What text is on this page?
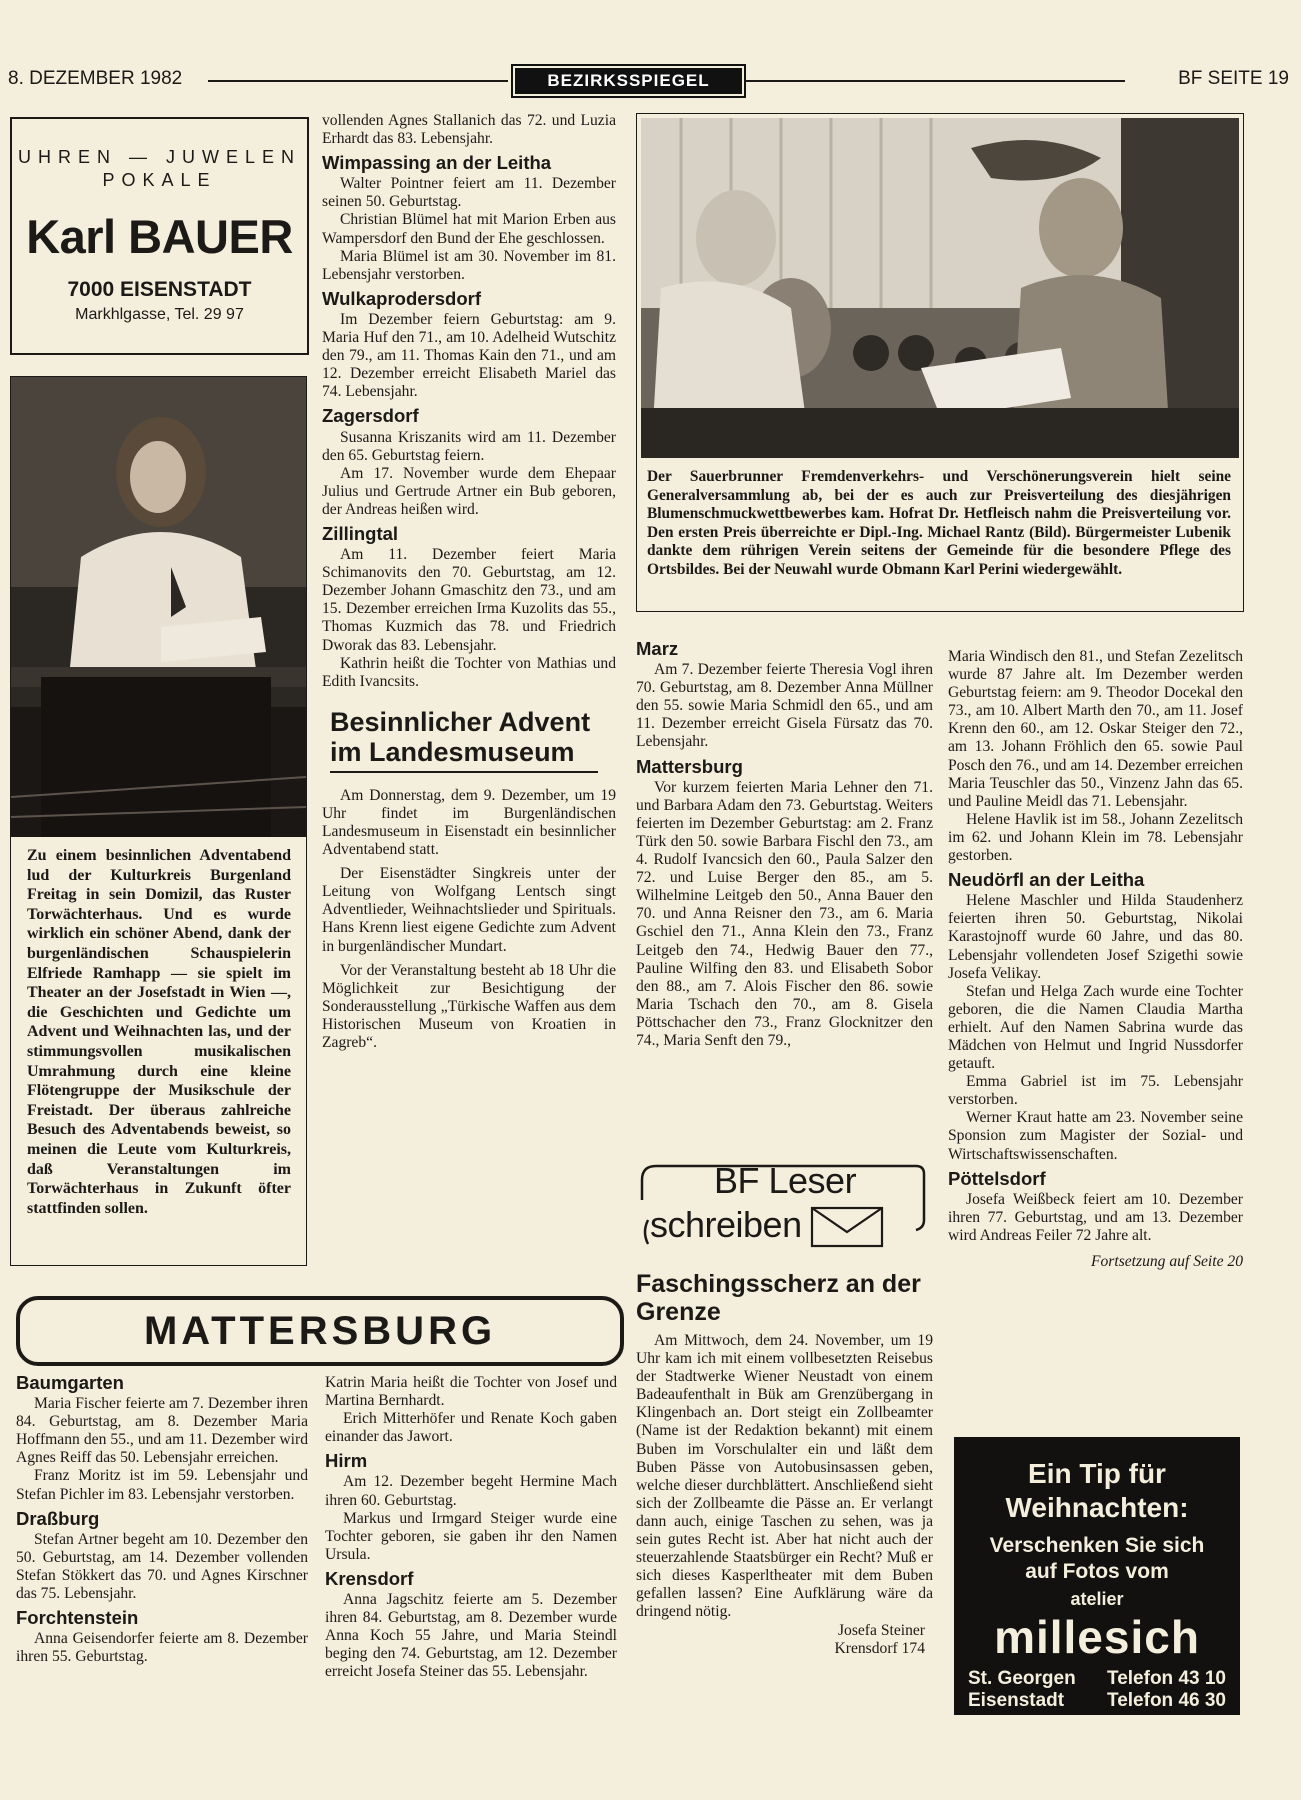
8. DEZEMBER 1982	BEZIRKSSPIEGEL	BF SEITE 19
UHREN — JUWELEN
POKALE
Karl BAUER
7000 EISENSTADT
Markhlgasse, Tel. 29 97
Zu einem besinnlichen Adventabend lud der Kulturkreis Burgenland Freitag in sein Domizil, das Ruster Torwächterhaus. Und es wurde wirklich ein schöner Abend, dank der burgenländischen Schauspielerin Elfriede Ramhapp — sie spielt im Theater an der Josefstadt in Wien —, die Geschichten und Gedichte um Advent und Weihnachten las, und der stimmungsvollen musikalischen Umrahmung durch eine kleine Flötengruppe der Musikschule der Freistadt. Der überaus zahlreiche Besuch des Adventabends beweist, so meinen die Leute vom Kulturkreis, daß Veranstaltungen im Torwächterhaus in Zukunft öfter stattfinden sollen.

vollenden Agnes Stallanich das 72. und Luzia Erhardt das 83. Lebensjahr.

Wimpassing an der Leitha

Walter Pointner feiert am 11. Dezember seinen 50. Geburtstag.

Christian Blümel hat mit Marion Erben aus Wampersdorf den Bund der Ehe geschlossen.

Maria Blümel ist am 30. November im 81. Lebensjahr verstorben.

Wulkaprodersdorf

Im Dezember feiern Geburtstag: am 9. Maria Huf den 71., am 10. Adelheid Wutschitz den 79., am 11. Thomas Kain den 71., und am 12. Dezember erreicht Elisabeth Mariel das 74. Lebensjahr.

Zagersdorf

Susanna Kriszanits wird am 11. Dezember den 65. Geburtstag feiern.

Am 17. November wurde dem Ehepaar Julius und Gertrude Artner ein Bub geboren, der Andreas heißen wird.

Zillingtal

Am 11. Dezember feiert Maria Schimanovits den 70. Geburtstag, am 12. Dezember Johann Gmaschitz den 73., und am 15. Dezember erreichen Irma Kuzolits das 55., Thomas Kuzmich das 78. und Friedrich Dworak das 83. Lebensjahr.

Kathrin heißt die Tochter von Mathias und Edith Ivancsits.

Besinnlicher Advent im Landesmuseum

Am Donnerstag, dem 9. Dezember, um 19 Uhr findet im Burgenländischen Landesmuseum in Eisenstadt ein besinnlicher Adventabend statt.

Der Eisenstädter Singkreis unter der Leitung von Wolfgang Lentsch singt Adventlieder, Weihnachtslieder und Spirituals. Hans Krenn liest eigene Gedichte zum Advent in burgenländischer Mundart.

Vor der Veranstaltung besteht ab 18 Uhr die Möglichkeit zur Besichtigung der Sonderausstellung „Türkische Waffen aus dem Historischen Museum von Kroatien in Zagreb“.

Der Sauerbrunner Fremdenverkehrs- und Verschönerungsverein hielt seine Generalversammlung ab, bei der es auch zur Preisverteilung des diesjährigen Blumenschmuckwettbewerbes kam. Hofrat Dr. Hetfleisch nahm die Preisverteilung vor. Den ersten Preis überreichte er Dipl.-Ing. Michael Rantz (Bild). Bürgermeister Lubenik dankte dem rührigen Verein seitens der Gemeinde für die besondere Pflege des Ortsbildes. Bei der Neuwahl wurde Obmann Karl Perini wiedergewählt.
Marz

Am 7. Dezember feierte Theresia Vogl ihren 70. Geburtstag, am 8. Dezember Anna Müllner den 55. sowie Maria Schmidl den 65., und am 11. Dezember erreicht Gisela Fürsatz das 70. Lebensjahr.

Mattersburg

Vor kurzem feierten Maria Lehner den 71. und Barbara Adam den 73. Geburtstag. Weiters feierten im Dezember Geburtstag: am 2. Franz Türk den 50. sowie Barbara Fischl den 73., am 4. Rudolf Ivancsich den 60., Paula Salzer den 72. und Luise Berger den 85., am 5. Wilhelmine Leitgeb den 50., Anna Bauer den 70. und Anna Reisner den 73., am 6. Maria Gschiel den 71., Anna Klein den 73., Franz Leitgeb den 74., Hedwig Bauer den 77., Pauline Wilfing den 83. und Elisabeth Sobor den 88., am 7. Alois Fischer den 86. sowie Maria Tschach den 70., am 8. Gisela Pöttschacher den 73., Franz Glocknitzer den 74., Maria Senft den 79.,

BF Leser
schreiben
Faschingsscherz an der Grenze

Am Mittwoch, dem 24. November, um 19 Uhr kam ich mit einem vollbesetzten Reisebus der Stadtwerke Wiener Neustadt von einem Badeaufenthalt in Bük am Grenzübergang in Klingenbach an. Dort steigt ein Zollbeamter (Name ist der Redaktion bekannt) mit einem Buben im Vorschulalter ein und läßt dem Buben Pässe von Autobusinsassen geben, welche dieser durchblättert. Anschließend sieht sich der Zollbeamte die Pässe an. Er verlangt dann auch, einige Taschen zu sehen, was ja sein gutes Recht ist. Aber hat nicht auch der steuerzahlende Staatsbürger ein Recht? Muß er sich dieses Kasperltheater mit dem Buben gefallen lassen? Eine Aufklärung wäre da dringend nötig.

Josefa Steiner
Krensdorf 174

Maria Windisch den 81., und Stefan Zezelitsch wurde 87 Jahre alt. Im Dezember werden Geburtstag feiern: am 9. Theodor Docekal den 73., am 10. Albert Marth den 70., am 11. Josef Krenn den 60., am 12. Oskar Steiger den 72., am 13. Johann Fröhlich den 65. sowie Paul Posch den 76., und am 14. Dezember erreichen Maria Teuschler das 50., Vinzenz Jahn das 65. und Pauline Meidl das 71. Lebensjahr.

Helene Havlik ist im 58., Johann Zezelitsch im 62. und Johann Klein im 78. Lebensjahr gestorben.

Neudörfl an der Leitha

Helene Maschler und Hilda Staudenherz feierten ihren 50. Geburtstag, Nikolai Karastojnoff wurde 60 Jahre, und das 80. Lebensjahr vollendeten Josef Szigethi sowie Josefa Velikay.

Stefan und Helga Zach wurde eine Tochter geboren, die die Namen Claudia Martha erhielt. Auf den Namen Sabrina wurde das Mädchen von Helmut und Ingrid Nussdorfer getauft.

Emma Gabriel ist im 75. Lebensjahr verstorben.

Werner Kraut hatte am 23. November seine Sponsion zum Magister der Sozial- und Wirtschaftswissenschaften.

Pöttelsdorf

Josefa Weißbeck feiert am 10. Dezember ihren 77. Geburtstag, und am 13. Dezember wird Andreas Feiler 72 Jahre alt.

Fortsetzung auf Seite 20
Ein Tip für
Weihnachten:
Verschenken Sie sich
auf Fotos vom
atelier
millesich
St. Georgen Telefon 43 10
Eisenstadt Telefon 46 30
MATTERSBURG
Baumgarten

Maria Fischer feierte am 7. Dezember ihren 84. Geburtstag, am 8. Dezember Maria Hoffmann den 55., und am 11. Dezember wird Agnes Reiff das 50. Lebensjahr erreichen.

Franz Moritz ist im 59. Lebensjahr und Stefan Pichler im 83. Lebensjahr verstorben.

Draßburg

Stefan Artner begeht am 10. Dezember den 50. Geburtstag, am 14. Dezember vollenden Stefan Stökkert das 70. und Agnes Kirschner das 75. Lebensjahr.

Forchtenstein

Anna Geisendorfer feierte am 8. Dezember ihren 55. Geburtstag.

Katrin Maria heißt die Tochter von Josef und Martina Bernhardt.

Erich Mitterhöfer und Renate Koch gaben einander das Jawort.

Hirm

Am 12. Dezember begeht Hermine Mach ihren 60. Geburtstag.

Markus und Irmgard Steiger wurde eine Tochter geboren, sie gaben ihr den Namen Ursula.

Krensdorf

Anna Jagschitz feierte am 5. Dezember ihren 84. Geburtstag, am 8. Dezember wurde Anna Koch 55 Jahre, und Maria Steindl beging den 74. Geburtstag, am 12. Dezember erreicht Josefa Steiner das 55. Lebensjahr.
